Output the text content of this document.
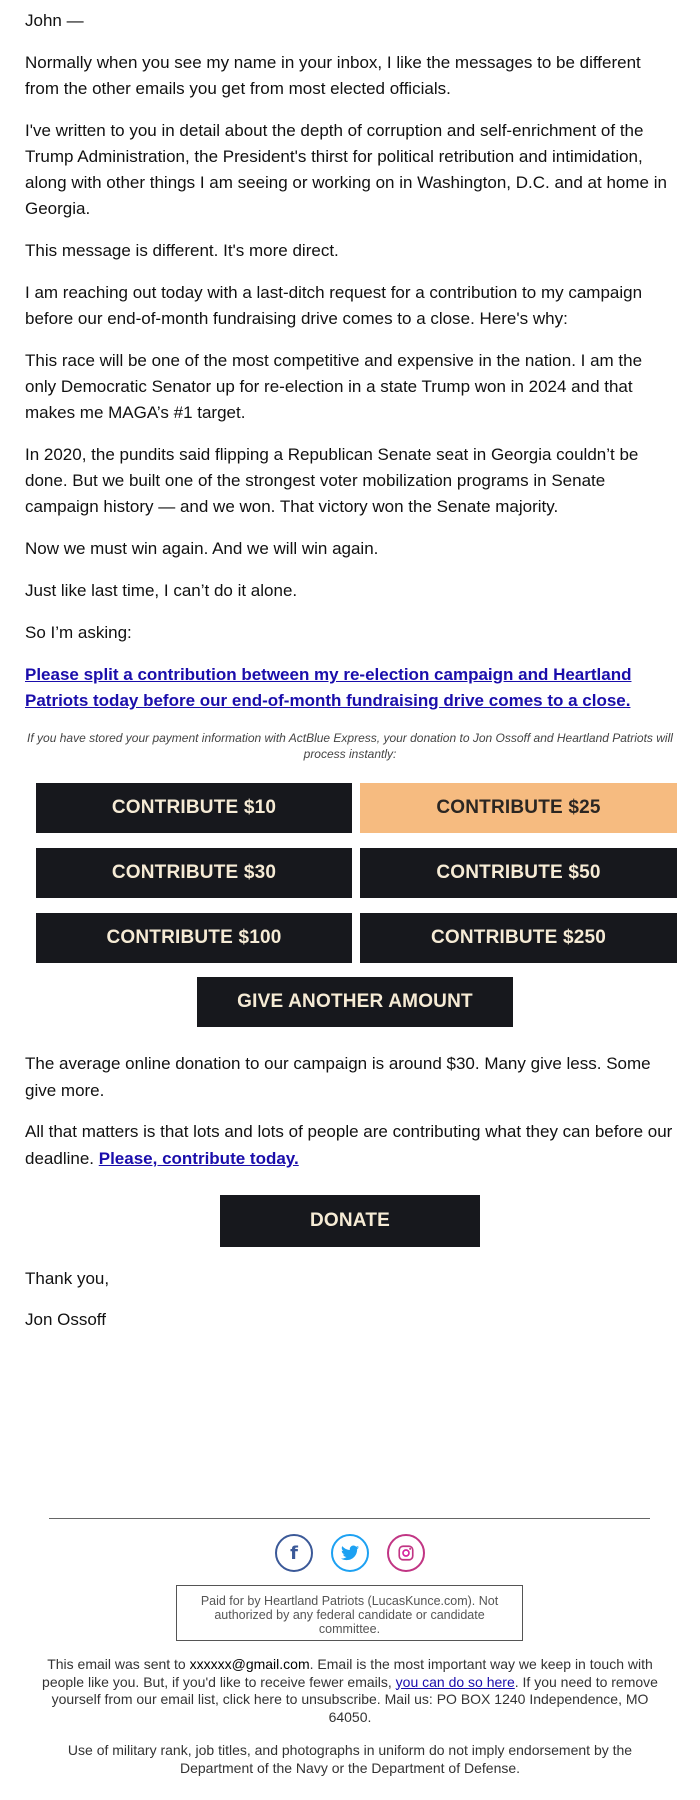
John —

Normally when you see my name in your inbox, I like the messages to be different from the other emails you get from most elected officials.

I've written to you in detail about the depth of corruption and self-enrichment of the Trump Administration, the President's thirst for political retribution and intimidation, along with other things I am seeing or working on in Washington, D.C. and at home in Georgia.

This message is different. It's more direct.

I am reaching out today with a last-ditch request for a contribution to my campaign before our end-of-month fundraising drive comes to a close. Here's why:

This race will be one of the most competitive and expensive in the nation. I am the only Democratic Senator up for re-election in a state Trump won in 2024 and that makes me MAGA’s #1 target.

In 2020, the pundits said flipping a Republican Senate seat in Georgia couldn’t be done. But we built one of the strongest voter mobilization programs in Senate campaign history — and we won. That victory won the Senate majority.

Now we must win again. And we will win again.

Just like last time, I can’t do it alone.

So I’m asking:

Please split a contribution between my re-election campaign and Heartland Patriots today before our end-of-month fundraising drive comes to a close.

If you have stored your payment information with ActBlue Express, your donation to Jon Ossoff and Heartland Patriots will process instantly:
CONTRIBUTE $10	CONTRIBUTE $25
CONTRIBUTE $30	CONTRIBUTE $50
CONTRIBUTE $100	CONTRIBUTE $250
GIVE ANOTHER AMOUNT

The average online donation to our campaign is around $30. Many give less. Some give more.

All that matters is that lots and lots of people are contributing what they can before our deadline. Please, contribute today.

DONATE

Thank you,

Jon Ossoff

f
Paid for by Heartland Patriots (LucasKunce.com). Not authorized by any federal candidate or candidate committee.

This email was sent to xxxxxx@gmail.com. Email is the most important way we keep in touch with people like you. But, if you'd like to receive fewer emails, you can do so here. If you need to remove yourself from our email list, click here to unsubscribe. Mail us: PO BOX 1240 Independence, MO 64050.

Use of military rank, job titles, and photographs in uniform do not imply endorsement by the Department of the Navy or the Department of Defense.
